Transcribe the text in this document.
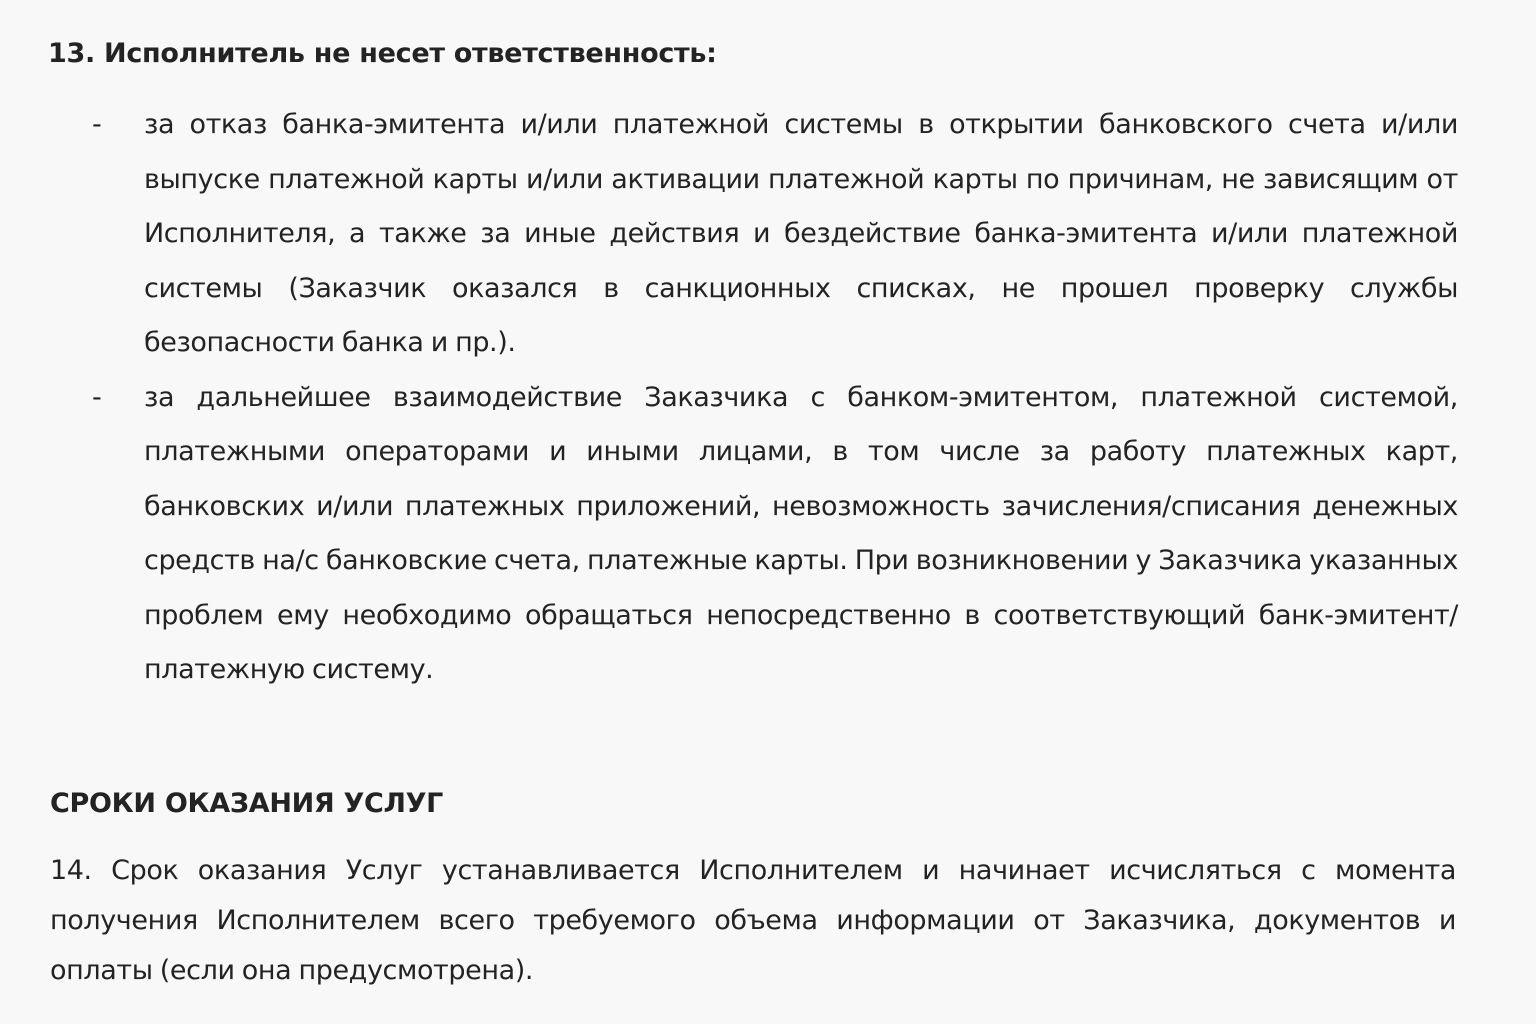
13. Исполнитель не несет ответственность:
-	за отказ банка-эмитента и/или платежной системы в открытии банковского счета и/или выпуске платежной карты и/или активации платежной карты по причинам, не зависящим от Исполнителя, а также за иные действия и бездействие банка-эмитента и/или платежной системы (Заказчик оказался в санкционных списках, не прошел проверку службы безопасности банка и пр.).
-	за дальнейшее взаимодействие Заказчика с банком-эмитентом, платежной системой, платежными операторами и иными лицами, в том числе за работу платежных карт, банковских и/или платежных приложений, невозможность зачисления/списания денежных средств на/с банковские счета, платежные карты. При возникновении у Заказчика указанных проблем ему необходимо обращаться непосредственно в соответствующий банк-эмитент/платежную систему.
СРОКИ ОКАЗАНИЯ УСЛУГ

14. Срок оказания Услуг устанавливается Исполнителем и начинает исчисляться с момента получения Исполнителем всего требуемого объема информации от Заказчика, документов и оплаты (если она предусмотрена).
